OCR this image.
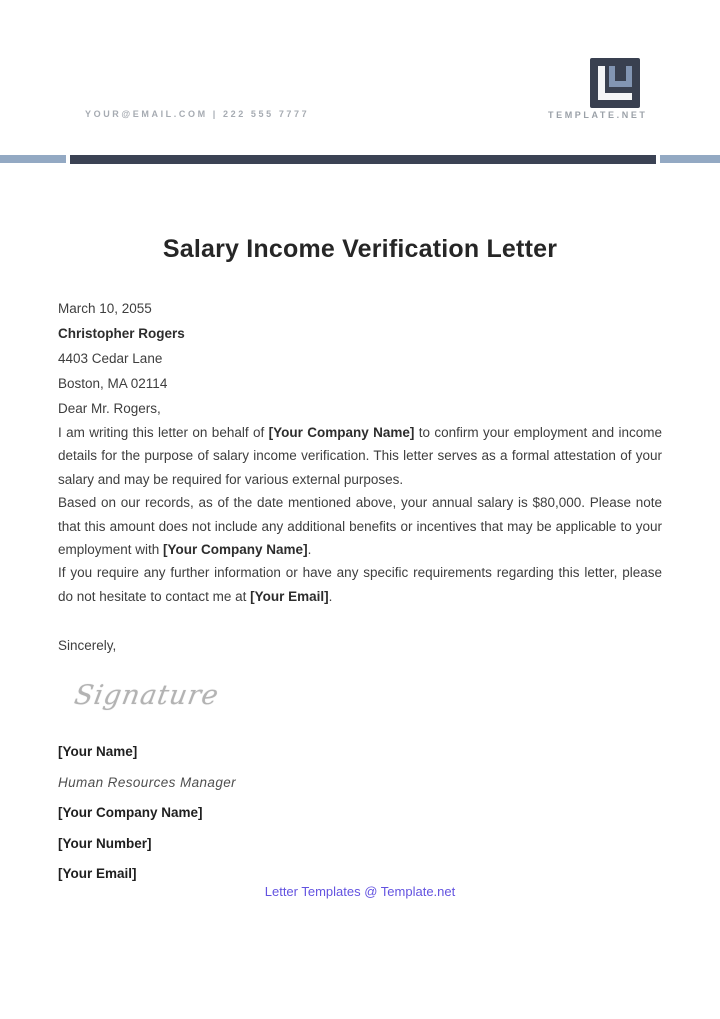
YOUR@EMAIL.COM | 222 555 7777	TEMPLATE.NET
Salary Income Verification Letter
March 10, 2055
Christopher Rogers
4403 Cedar Lane
Boston, MA 02114
Dear Mr. Rogers,

I am writing this letter on behalf of [Your Company Name] to confirm your employment and income details for the purpose of salary income verification. This letter serves as a formal attestation of your salary and may be required for various external purposes.

Based on our records, as of the date mentioned above, your annual salary is $80,000. Please note that this amount does not include any additional benefits or incentives that may be applicable to your employment with [Your Company Name].

If you require any further information or have any specific requirements regarding this letter, please do not hesitate to contact me at [Your Email].

Sincerely,
Signature
[Your Name]
Human Resources Manager
[Your Company Name]
[Your Number]
[Your Email]
Letter Templates @ Template.net
